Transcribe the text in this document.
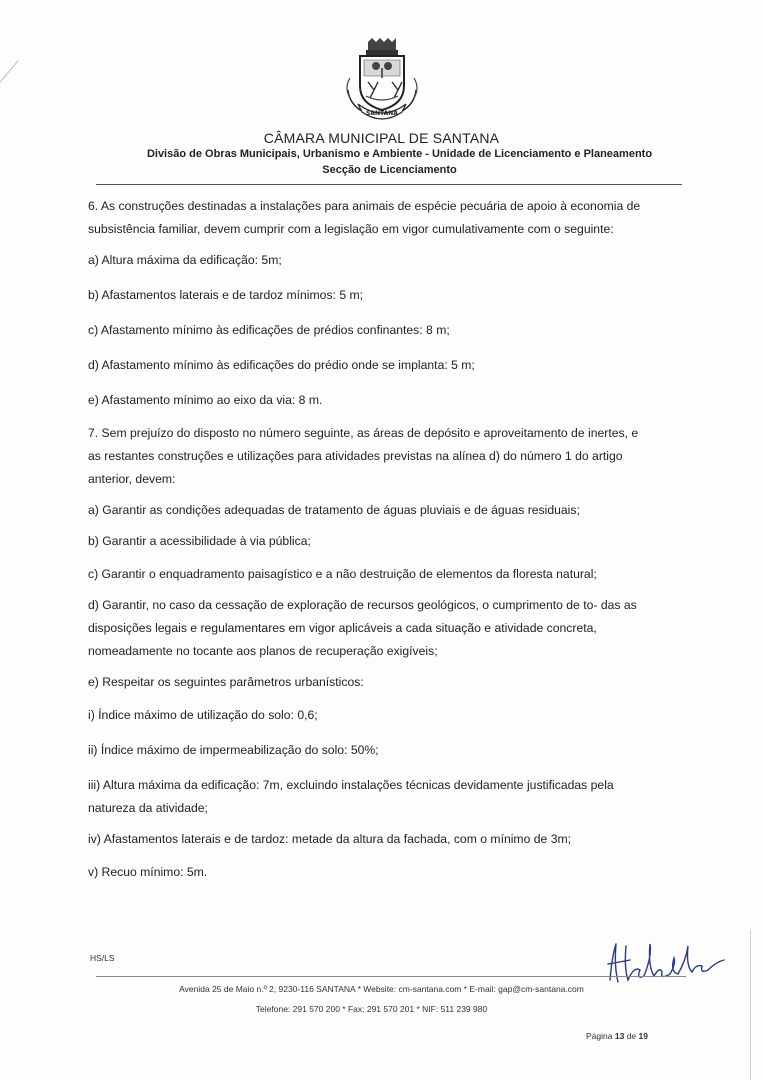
SANTANA
CÂMARA MUNICIPAL DE SANTANA
Divisão de Obras Municipais, Urbanismo e Ambiente - Unidade de Licenciamento e Planeamento
Secção de Licenciamento

6. As construções destinadas a instalações para animais de espécie pecuária de apoio à economia de

subsistência familiar, devem cumprir com a legislação em vigor cumulativamente com o seguinte:

a) Altura máxima da edificação: 5m;

b) Afastamentos laterais e de tardoz mínimos: 5 m;

c) Afastamento mínimo às edificações de prédios confinantes: 8 m;

d) Afastamento mínimo às edificações do prédio onde se implanta: 5 m;

e) Afastamento mínimo ao eixo da via: 8 m.

7. Sem prejuízo do disposto no número seguinte, as áreas de depósito e aproveitamento de inertes, e

as restantes construções e utilizações para atividades previstas na alínea d) do número 1 do artigo

anterior, devem:

a) Garantir as condições adequadas de tratamento de águas pluviais e de águas residuais;

b) Garantir a acessibilidade à via pública;

c) Garantir o enquadramento paisagístico e a não destruição de elementos da floresta natural;

d) Garantir, no caso da cessação de exploração de recursos geológicos, o cumprimento de to- das as

disposições legais e regulamentares em vigor aplicáveis a cada situação e atividade concreta,

nomeadamente no tocante aos planos de recuperação exigíveis;

e) Respeitar os seguintes parâmetros urbanísticos:

i) Índice máximo de utilização do solo: 0,6;

ii) Índice máximo de impermeabilização do solo: 50%;

iii) Altura máxima da edificação: 7m, excluindo instalações técnicas devidamente justificadas pela

natureza da atividade;

iv) Afastamentos laterais e de tardoz: metade da altura da fachada, com o mínimo de 3m;

v) Recuo mínimo: 5m.

HS/LS
Avenida 25 de Maio n.º 2, 9230-116 SANTANA * Website: cm-santana.com * E-mail: gap@cm-santana.com
Telefone: 291 570 200 * Fax: 291 570 201 * NIF: 511 239 980
Página 13 de 19
